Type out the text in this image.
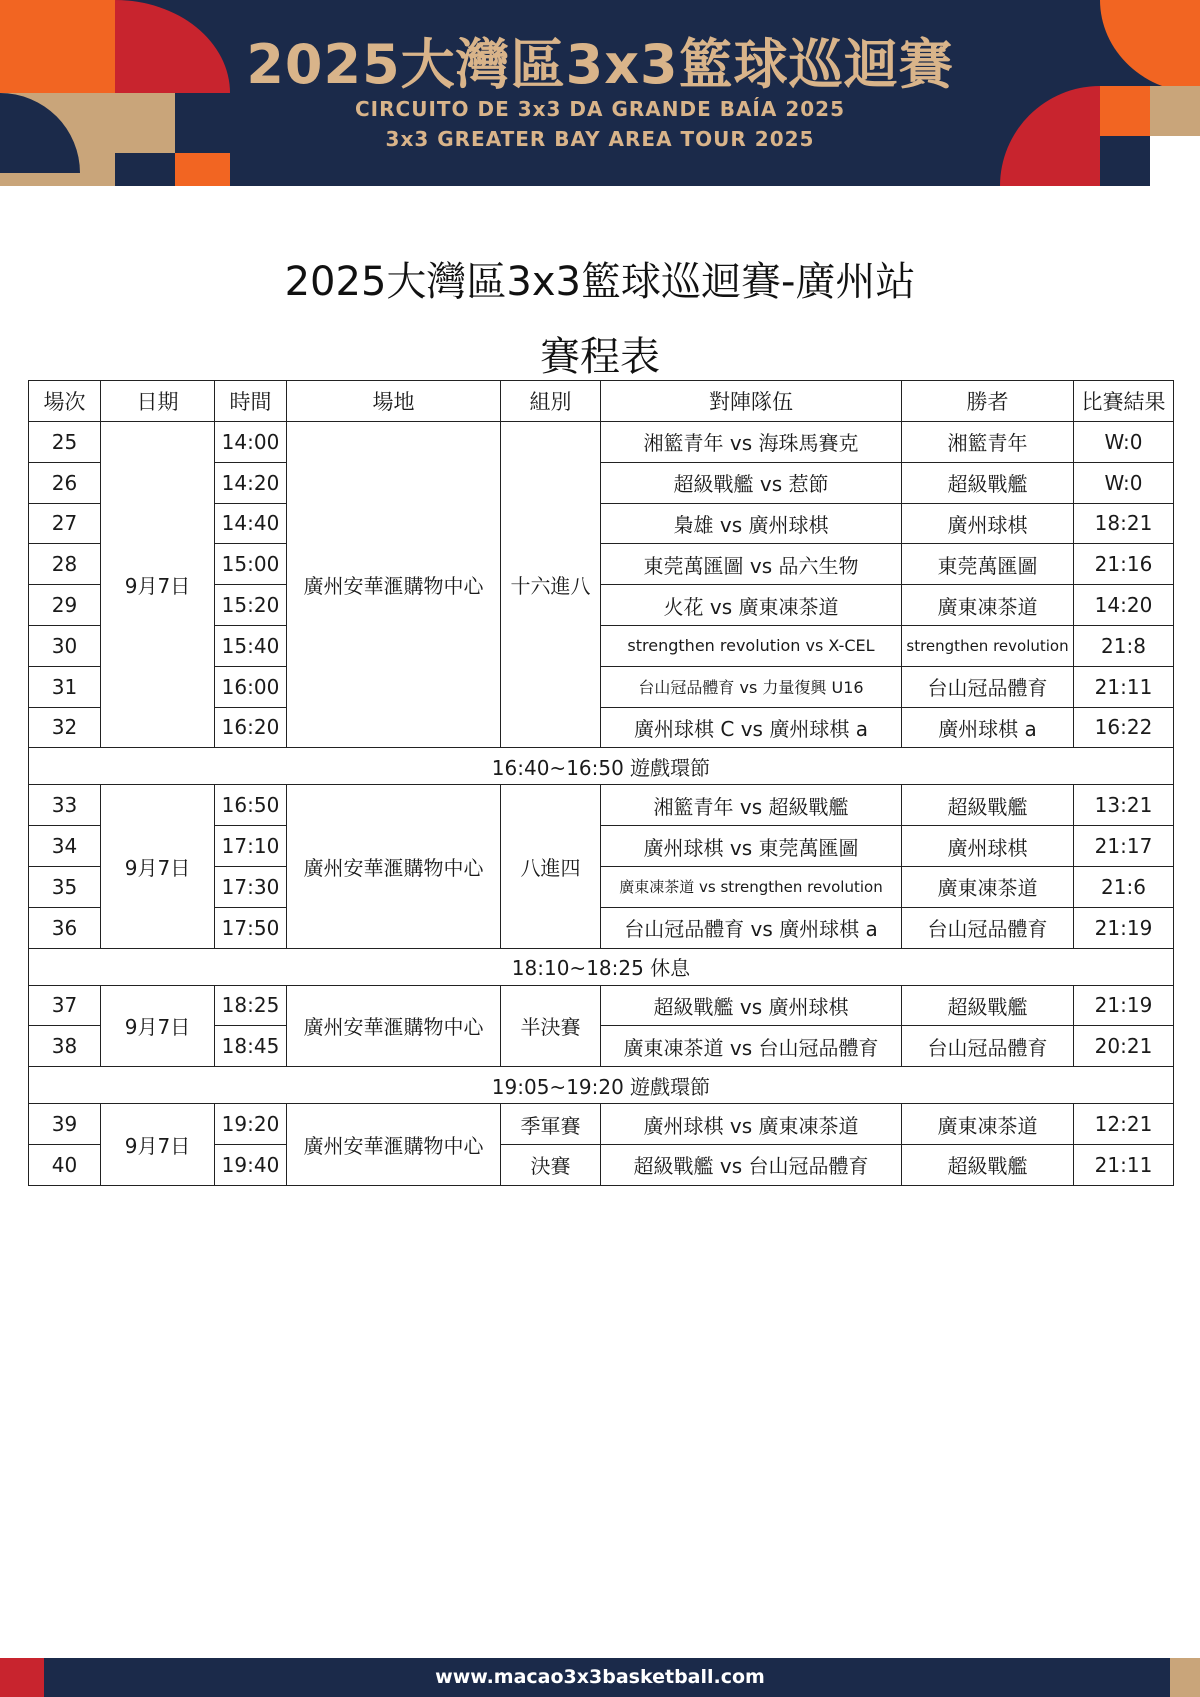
2025大灣區3x3籃球巡迴賽
CIRCUITO DE 3x3 DA GRANDE BAÍA 2025
3x3 GREATER BAY AREA TOUR 2025
2025大灣區3x3籃球巡迴賽-廣州站
賽程表
場次	日期	時間	場地	組別	對陣隊伍	勝者	比賽結果
25	9月7日	14:00	廣州安華滙購物中心	十六進八	湘籃青年 vs 海珠馬賽克	湘籃青年	W:0
26		14:20			超級戰艦 vs 惹節	超級戰艦	W:0
27		14:40			梟雄 vs 廣州球棋	廣州球棋	18:21
28		15:00			東莞萬匯圖 vs 品六生物	東莞萬匯圖	21:16
29		15:20			火花 vs 廣東凍茶道	廣東凍茶道	14:20
30		15:40			strengthen revolution vs X-CEL	strengthen revolution	21:8
31		16:00			台山冠品體育 vs 力量復興 U16	台山冠品體育	21:11
32		16:20			廣州球棋 C vs 廣州球棋 a	廣州球棋 a	16:22
16:40~16:50 遊戲環節							
33	9月7日	16:50	廣州安華滙購物中心	八進四	湘籃青年 vs 超級戰艦	超級戰艦	13:21
34		17:10			廣州球棋 vs 東莞萬匯圖	廣州球棋	21:17
35		17:30			廣東凍茶道 vs strengthen revolution	廣東凍茶道	21:6
36		17:50			台山冠品體育 vs 廣州球棋 a	台山冠品體育	21:19
18:10~18:25 休息							
37	9月7日	18:25	廣州安華滙購物中心	半決賽	超級戰艦 vs 廣州球棋	超級戰艦	21:19
38		18:45			廣東凍茶道 vs 台山冠品體育	台山冠品體育	20:21
19:05~19:20 遊戲環節							
39	9月7日	19:20	廣州安華滙購物中心	季軍賽	廣州球棋 vs 廣東凍茶道	廣東凍茶道	12:21
40		19:40		決賽	超級戰艦 vs 台山冠品體育	超級戰艦	21:11
www.macao3x3basketball.com
